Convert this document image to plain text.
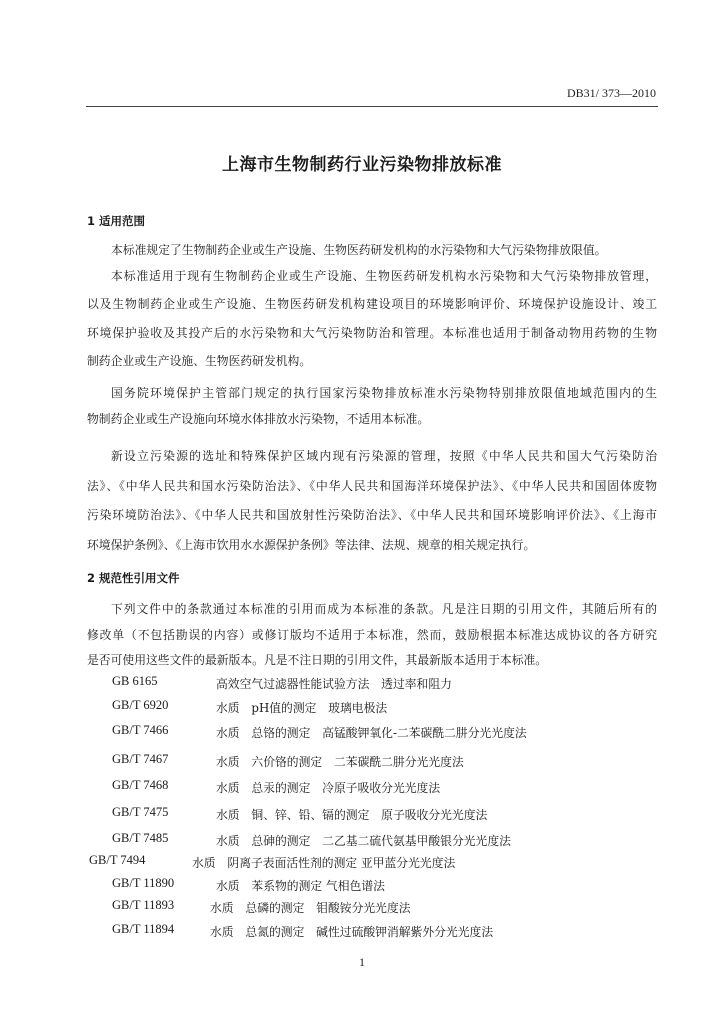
DB31/ 373—2010
上海市生物制药行业污染物排放标准
1 适用范围
本标准规定了生物制药企业或生产设施、生物医药研发机构的水污染物和大气污染物排放限值。
本标准适用于现有生物制药企业或生产设施、生物医药研发机构水污染物和大气污染物排放管理，
以及生物制药企业或生产设施、生物医药研发机构建设项目的环境影响评价、环境保护设施设计、竣工
环境保护验收及其投产后的水污染物和大气污染物防治和管理。本标准也适用于制备动物用药物的生物
制药企业或生产设施、生物医药研发机构。
国务院环境保护主管部门规定的执行国家污染物排放标准水污染物特别排放限值地域范围内的生
物制药企业或生产设施向环境水体排放水污染物，不适用本标准。
新设立污染源的选址和特殊保护区域内现有污染源的管理，按照《中华人民共和国大气污染防治
法》、《中华人民共和国水污染防治法》、《中华人民共和国海洋环境保护法》、《中华人民共和国固体废物
污染环境防治法》、《中华人民共和国放射性污染防治法》、《中华人民共和国环境影响评价法》、《上海市
环境保护条例》、《上海市饮用水水源保护条例》等法律、法规、规章的相关规定执行。
2 规范性引用文件
下列文件中的条款通过本标准的引用而成为本标准的条款。凡是注日期的引用文件，其随后所有的
修改单（不包括勘误的内容）或修订版均不适用于本标准，然而，鼓励根据本标准达成协议的各方研究
是否可使用这些文件的最新版本。凡是不注日期的引用文件，其最新版本适用于本标准。
GB 6165	高效空气过滤器性能试验方法　透过率和阻力
GB/T 6920	水质　pH值的测定　玻璃电极法
GB/T 7466	水质　总铬的测定　高锰酸钾氧化-二苯碳酰二肼分光光度法
GB/T 7467	水质　六价铬的测定　二苯碳酰二肼分光光度法
GB/T 7468	水质　总汞的测定　冷原子吸收分光光度法
GB/T 7475	水质　铜、锌、铅、镉的测定　原子吸收分光光度法
GB/T 7485	水质　总砷的测定　二乙基二硫代氨基甲酸银分光光度法
GB/T 7494	水质　阴离子表面活性剂的测定 亚甲蓝分光光度法
GB/T 11890	水质　苯系物的测定 气相色谱法
GB/T 11893	水质　总磷的测定　钼酸铵分光光度法
GB/T 11894	水质　总氮的测定　碱性过硫酸钾消解紫外分光光度法
1
